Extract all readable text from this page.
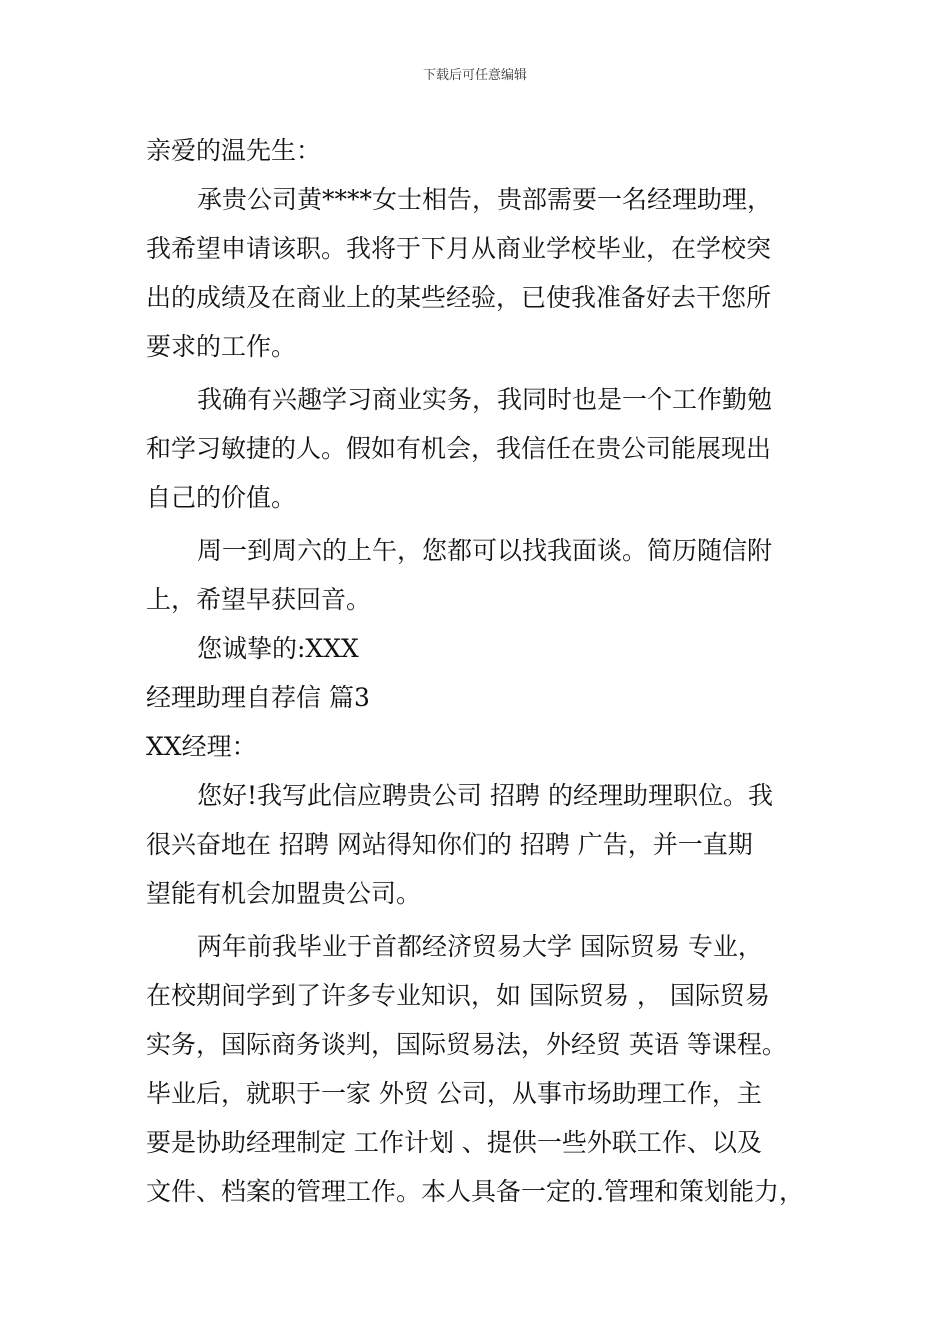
下载后可任意编辑
亲爱的温先生：
承贵公司黄****女士相告，贵部需要一名经理助理，
我希望申请该职。我将于下月从商业学校毕业，在学校突
出的成绩及在商业上的某些经验，已使我准备好去干您所
要求的工作。
我确有兴趣学习商业实务，我同时也是一个工作勤勉
和学习敏捷的人。假如有机会，我信任在贵公司能展现出
自己的价值。
周一到周六的上午，您都可以找我面谈。简历随信附
上，希望早获回音。
您诚挚的:XXX
经理助理自荐信 篇3
XX经理：
您好!我写此信应聘贵公司 招聘 的经理助理职位。我
很兴奋地在 招聘 网站得知你们的 招聘 广告，并一直期
望能有机会加盟贵公司。
两年前我毕业于首都经济贸易大学 国际贸易 专业，
在校期间学到了许多专业知识，如 国际贸易 ， 国际贸易
实务，国际商务谈判，国际贸易法，外经贸 英语 等课程。
毕业后，就职于一家 外贸 公司，从事市场助理工作，主
要是协助经理制定 工作计划 、提供一些外联工作、以及
文件、档案的管理工作。本人具备一定的.管理和策划能力，
